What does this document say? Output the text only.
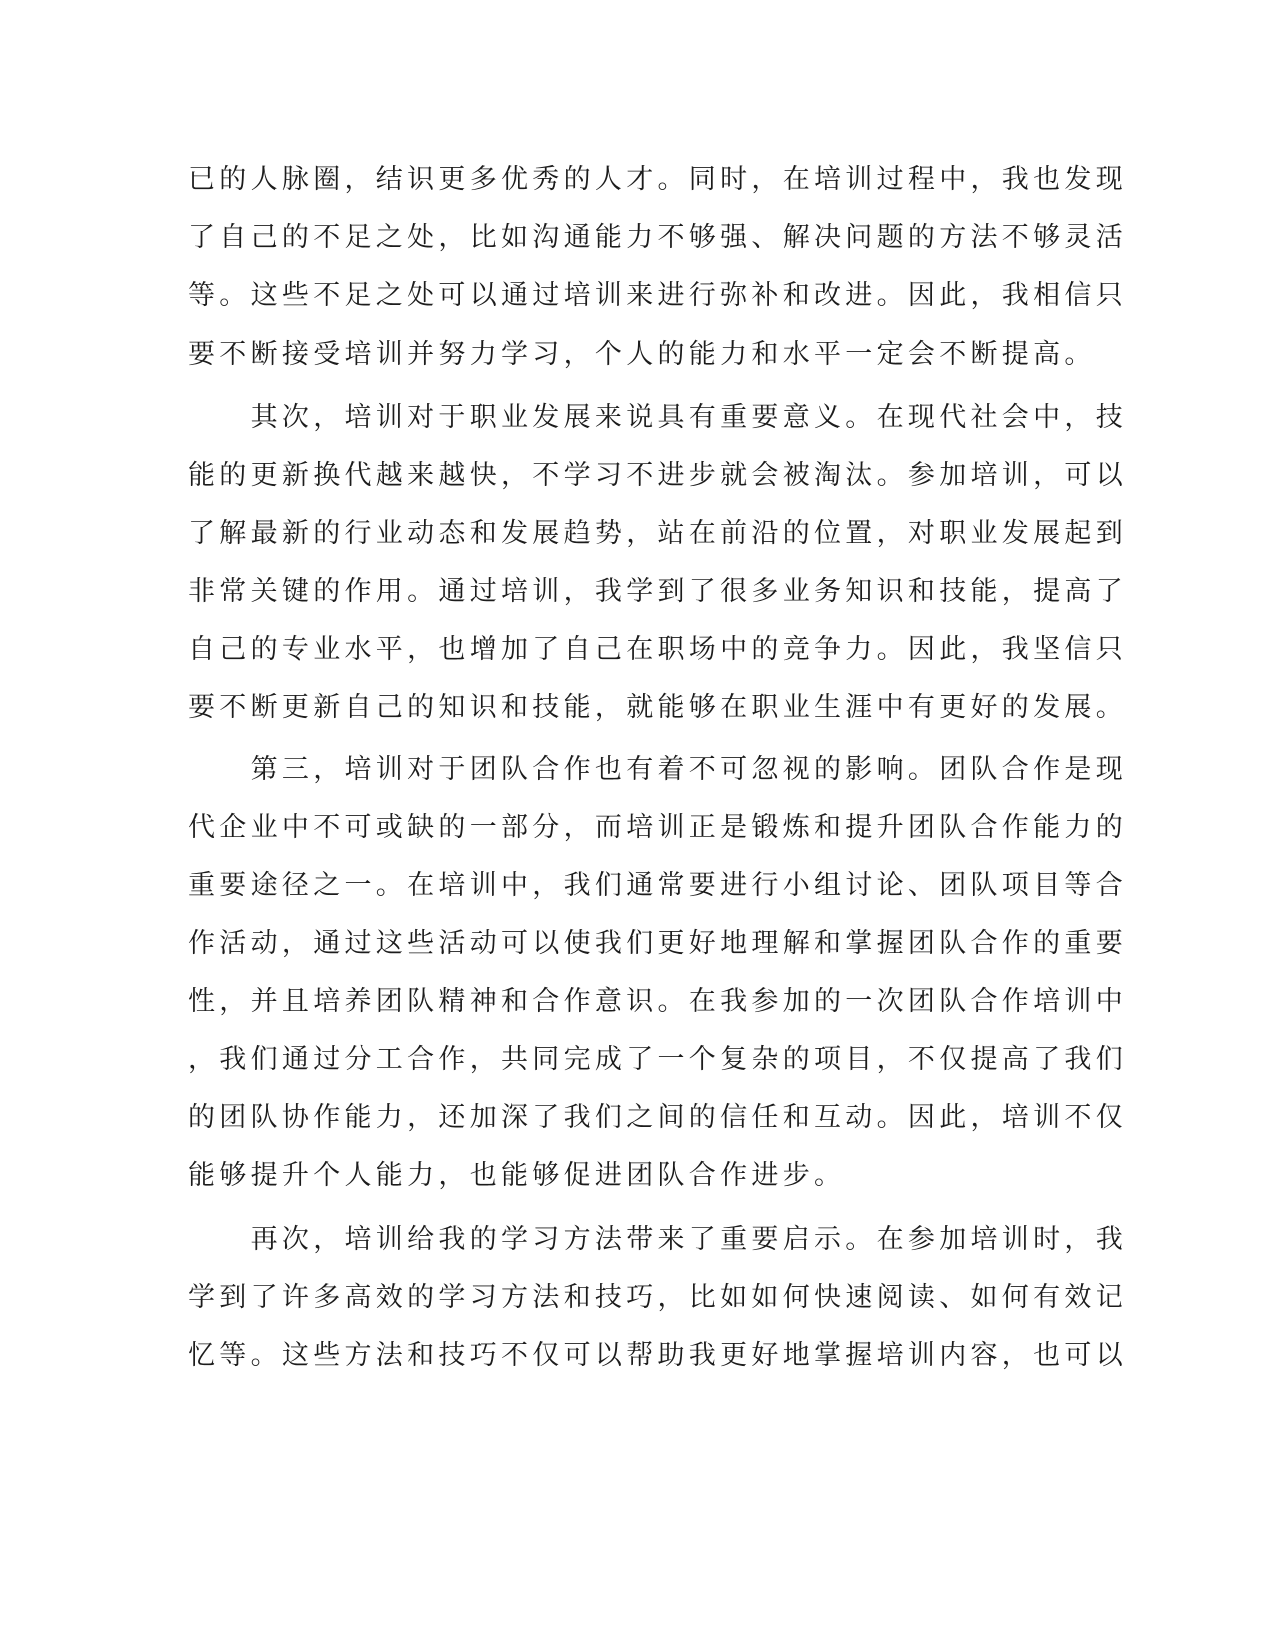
已的人脉圈，结识更多优秀的人才。同时，在培训过程中，我也发现
了自己的不足之处，比如沟通能力不够强、解决问题的方法不够灵活
等。这些不足之处可以通过培训来进行弥补和改进。因此，我相信只
要不断接受培训并努力学习，个人的能力和水平一定会不断提高。
　　其次，培训对于职业发展来说具有重要意义。在现代社会中，技
能的更新换代越来越快，不学习不进步就会被淘汰。参加培训，可以
了解最新的行业动态和发展趋势，站在前沿的位置，对职业发展起到
非常关键的作用。通过培训，我学到了很多业务知识和技能，提高了
自己的专业水平，也增加了自己在职场中的竞争力。因此，我坚信只
要不断更新自己的知识和技能，就能够在职业生涯中有更好的发展。
　　第三，培训对于团队合作也有着不可忽视的影响。团队合作是现
代企业中不可或缺的一部分，而培训正是锻炼和提升团队合作能力的
重要途径之一。在培训中，我们通常要进行小组讨论、团队项目等合
作活动，通过这些活动可以使我们更好地理解和掌握团队合作的重要
性，并且培养团队精神和合作意识。在我参加的一次团队合作培训中
，我们通过分工合作，共同完成了一个复杂的项目，不仅提高了我们
的团队协作能力，还加深了我们之间的信任和互动。因此，培训不仅
能够提升个人能力，也能够促进团队合作进步。
　　再次，培训给我的学习方法带来了重要启示。在参加培训时，我
学到了许多高效的学习方法和技巧，比如如何快速阅读、如何有效记
忆等。这些方法和技巧不仅可以帮助我更好地掌握培训内容，也可以
